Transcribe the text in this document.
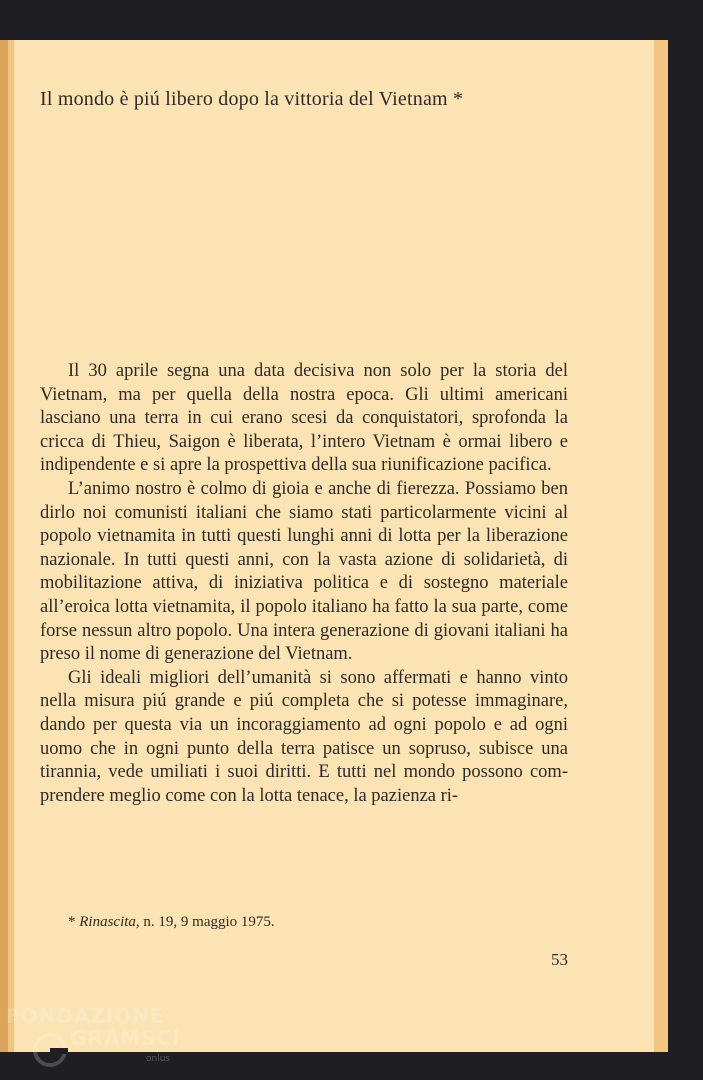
Il mondo è piú libero dopo la vittoria del Vietnam *

Il 30 aprile segna una data decisiva non solo per la storia del Vietnam, ma per quella della nostra epoca. Gli ultimi americani lasciano una terra in cui erano scesi da conquistatori, sprofonda la cricca di Thieu, Saigon è liberata, l’intero Vietnam è ormai libero e indipendente e si apre la prospettiva della sua riunificazione pacifica.

L’animo nostro è colmo di gioia e anche di fierezza. Possiamo ben dirlo noi comunisti italiani che siamo stati particolarmente vicini al popolo vietnamita in tutti questi lunghi anni di lotta per la liberazione nazionale. In tutti questi anni, con la vasta azione di solidarietà, di mobilitazione attiva, di iniziativa politica e di sostegno materiale all’eroica lotta vietnamita, il popolo italiano ha fatto la sua parte, come forse nessun altro popolo. Una intera generazione di giovani italiani ha preso il nome di generazione del Vietnam.

Gli ideali migliori dell’umanità si sono affermati e hanno vinto nella misura piú grande e piú completa che si potesse immaginare, dando per questa via un incoraggiamento ad ogni popolo e ad ogni uomo che in ogni punto della terra patisce un sopruso, subisce una tirannia, vede umiliati i suoi diritti. E tutti nel mondo possono comprendere meglio come con la lotta tenace, la pazienza ri-

* Rinascita, n. 19, 9 maggio 1975.

53

FONDAZIONE
GRAMSCI
onlus
